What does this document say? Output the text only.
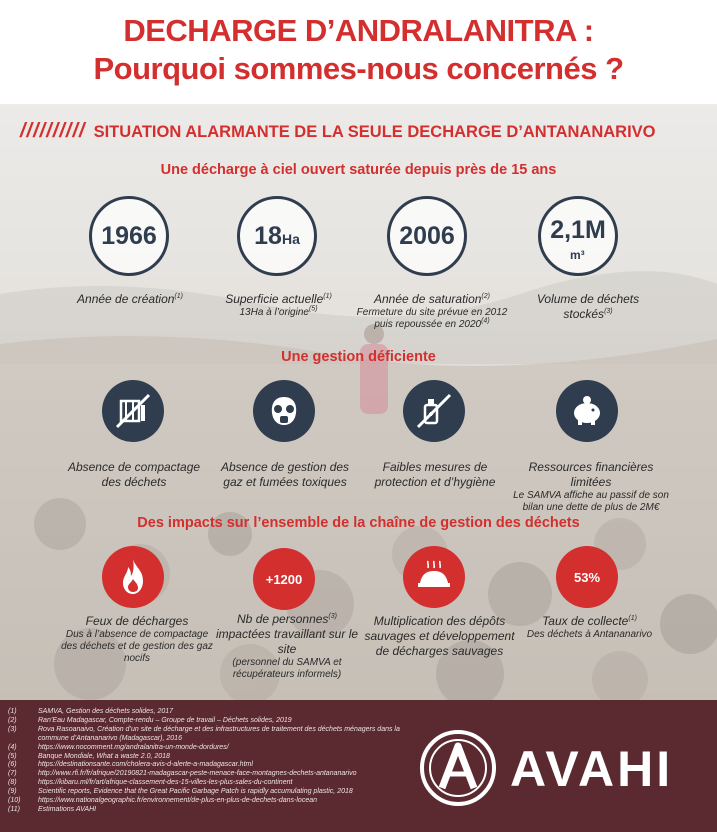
DECHARGE D’ANDRALANITRA :
Pourquoi sommes-nous concernés ?
////////// SITUATION ALARMANTE DE LA SEULE DECHARGE D’ANTANANARIVO
Une décharge à ciel ouvert saturée depuis près de 15 ans
1966	18Ha	2006	2,1M
m³
Année de création$^{(1)}$	Superficie actuelle$^{(1)}$
13Ha à l’origine$^{(5)}$
Année de saturation$^{(2)}$
Fermeture du site prévue en 2012 puis repoussée en 2020$^{(4)}$
Volume de déchets stockés$^{(3)}$
Une gestion déficiente
Absence de compactage des déchets
Absence de gestion des gaz et fumées toxiques
Faibles mesures de protection et d’hygiène
Ressources financières limitées
Le SAMVA affiche au passif de son bilan une dette de plus de 2M€
Des impacts sur l’ensemble de la chaîne de gestion des déchets
+1200	53%
Feux de décharges
Dus à l’absence de compactage des déchets et de gestion des gaz nocifs
Nb de personnes$^{(3)}$ impactées travaillant sur le site
(personnel du SAMVA et récupérateurs informels)
Multiplication des dépôts sauvages et développement de décharges sauvages
Taux de collecte$^{(1)}$
Des déchets à Antananarivo
(1)	SAMVA, Gestion des déchets solides, 2017
(2)	Ran’Eau Madagascar, Compte-rendu – Groupe de travail – Déchets solides, 2019
(3)	Rova Rasoanaivo, Création d’un site de décharge et des infrastructures de traitement des déchets ménagers dans la commune d’Antananarivo (Madagascar), 2016
(4)	https://www.nocomment.mg/andralanitra-un-monde-dordures/
(5)	Banque Mondiale, What a waste 2.0, 2018
(6)	https://destinationsante.com/cholera-avis-d-alerte-a-madagascar.html
(7)	http://www.rfi.fr/fr/afrique/20190821-madagascar-peste-menace-face-montagnes-dechets-antananarivo
(8)	https://kibaru.ml/fr/art/afrique-classement-des-15-villes-les-plus-sales-du-continent
(9)	Scientific reports, Evidence that the Great Pacific Garbage Patch is rapidly accumulating plastic, 2018
(10)	https://www.nationalgeographic.fr/environnement/de-plus-en-plus-de-dechets-dans-locean
(11)	Estimations AVAHI
AVAHI
